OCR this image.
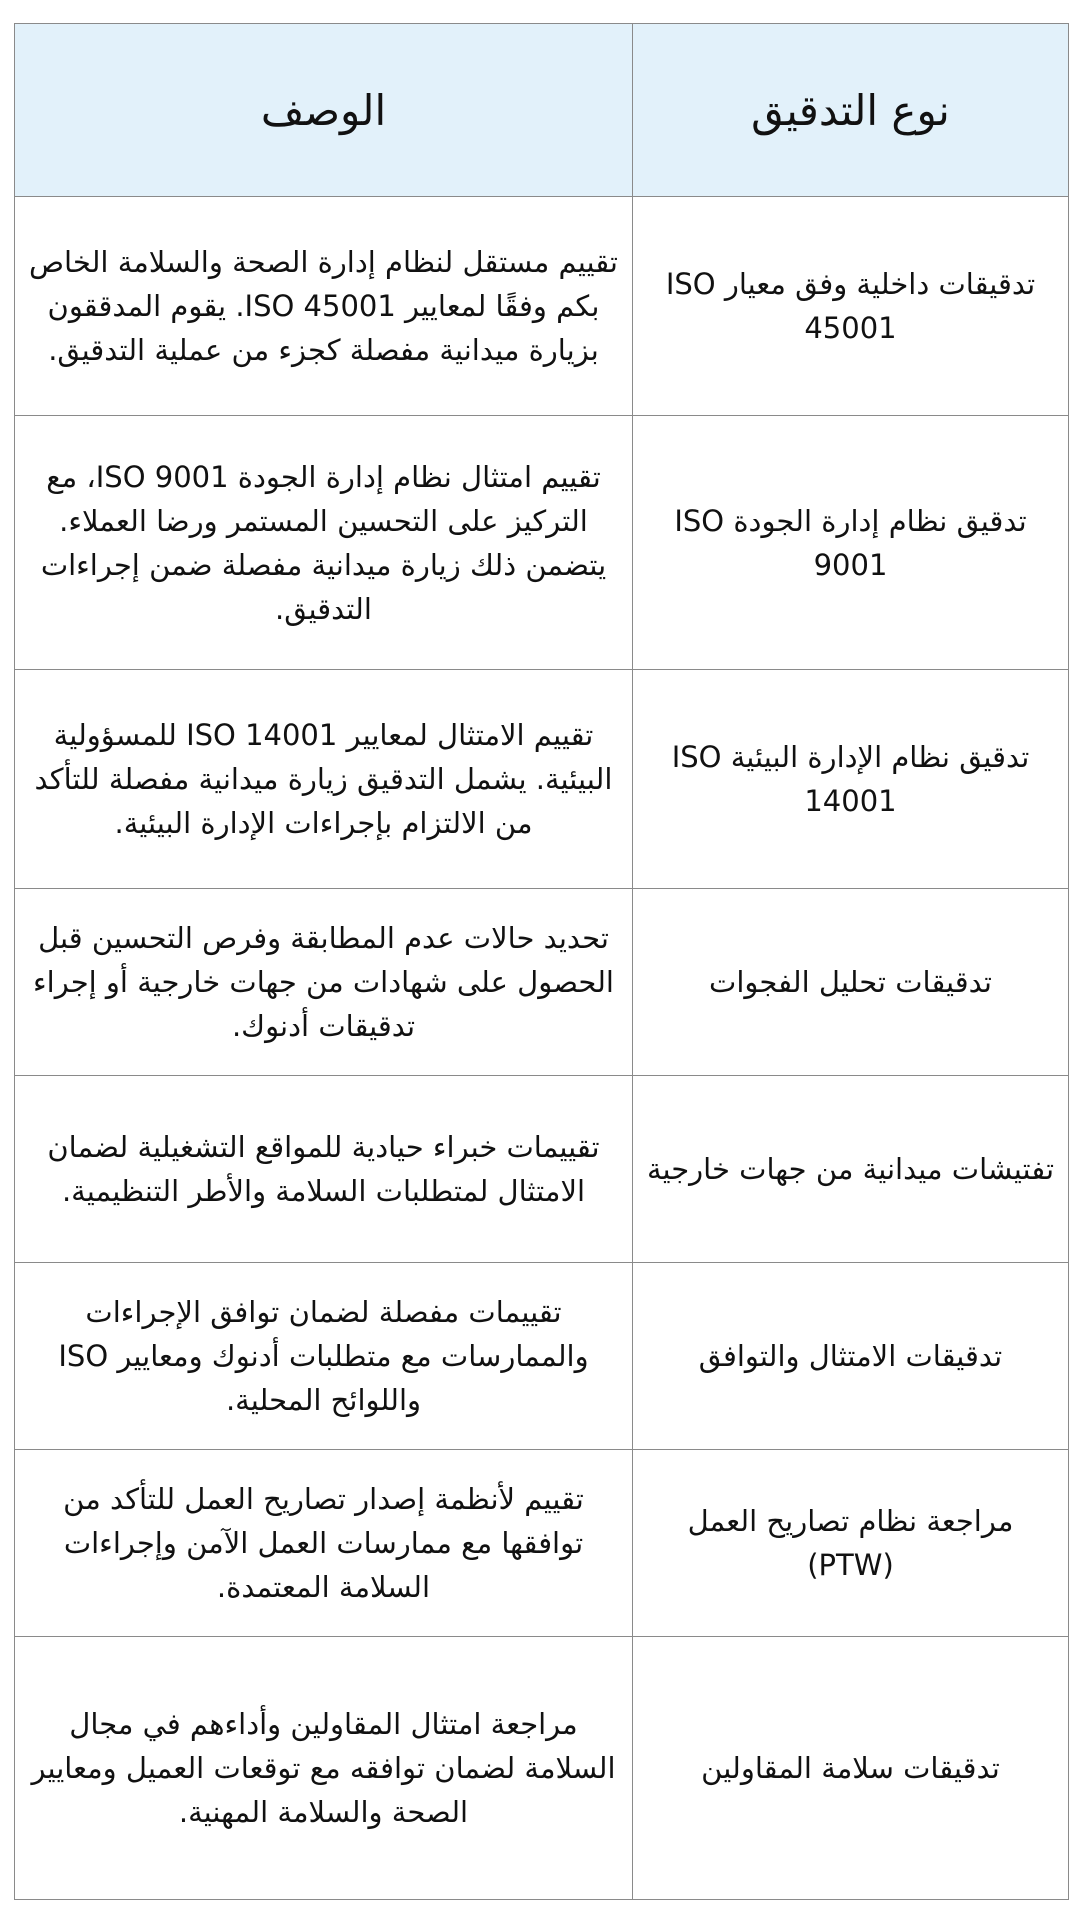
نوع التدقيق	الوصف

تدقيقات داخلية وفق معيار ISO 45001	تقييم مستقل لنظام إدارة الصحة والسلامة الخاص بكم وفقًا لمعايير ISO 45001. يقوم المدققون بزيارة ميدانية مفصلة كجزء من عملية التدقيق.

تدقيق نظام إدارة الجودة ISO 9001	تقييم امتثال نظام إدارة الجودة ISO 9001، مع التركيز على التحسين المستمر ورضا العملاء. يتضمن ذلك زيارة ميدانية مفصلة ضمن إجراءات التدقيق.

تدقيق نظام الإدارة البيئية ISO 14001	تقييم الامتثال لمعايير ISO 14001 للمسؤولية البيئية. يشمل التدقيق زيارة ميدانية مفصلة للتأكد من الالتزام بإجراءات الإدارة البيئية.

تدقيقات تحليل الفجوات	تحديد حالات عدم المطابقة وفرص التحسين قبل الحصول على شهادات من جهات خارجية أو إجراء تدقيقات أدنوك.

تفتيشات ميدانية من جهات خارجية	تقييمات خبراء حيادية للمواقع التشغيلية لضمان الامتثال لمتطلبات السلامة والأطر التنظيمية.

تدقيقات الامتثال والتوافق	تقييمات مفصلة لضمان توافق الإجراءات والممارسات مع متطلبات أدنوك ومعايير ISO واللوائح المحلية.

مراجعة نظام تصاريح العمل (PTW)	تقييم لأنظمة إصدار تصاريح العمل للتأكد من توافقها مع ممارسات العمل الآمن وإجراءات السلامة المعتمدة.

تدقيقات سلامة المقاولين	مراجعة امتثال المقاولين وأداءهم في مجال السلامة لضمان توافقه مع توقعات العميل ومعايير الصحة والسلامة المهنية.
